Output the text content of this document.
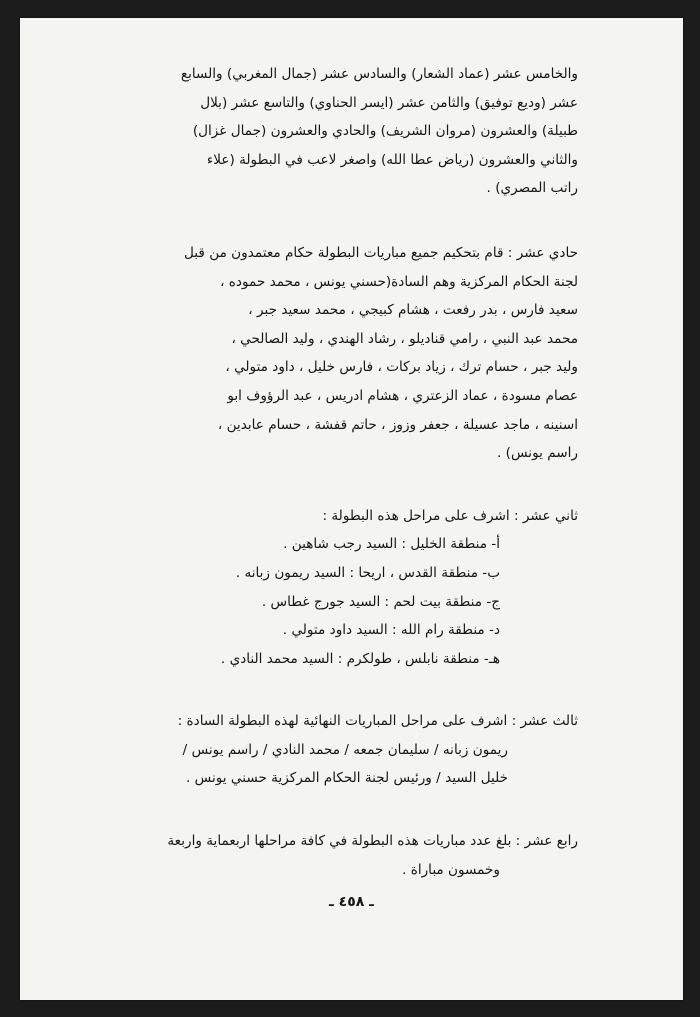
والخامس عشر (عماد الشعار) والسادس عشر (جمال المغربي) والسابع
عشر (وديع توفيق) والثامن عشر (ايسر الحناوي) والتاسع عشر (بلال
طبيلة) والعشرون (مروان الشريف) والحادي والعشرون (جمال غزال)
والثاني والعشرون (رياض عطا الله) واصغر لاعب في البطولة (علاء
راتب المصري) .
حادي عشر : قام بتحكيم جميع مباريات البطولة حكام معتمدون من قبل
لجنة الحكام المركزية وهم السادة(حسني يونس ، محمد حموده ،
سعيد فارس ، بدر رفعت ، هشام كبيجي ، محمد سعيد جبر ،
محمد عبد النبي ، رامي قناديلو ، رشاد الهندي ، وليد الصالحي ،
وليد جبر ، حسام ترك ، زياد بركات ، فارس خليل ، داود متولي ،
عصام مسودة ، عماد الزعتري ، هشام ادريس ، عبد الرؤوف ابو
اسنينه ، ماجد عسيلة ، جعفر وزوز ، حاتم قفشة ، حسام عابدين ،
راسم يونس) .
ثاني عشر : اشرف على مراحل هذه البطولة :
أ- منطقة الخليل : السيد رجب شاهين .
ب- منطقة القدس ، اريحا : السيد ريمون زبانه .
ج- منطقة بيت لحم : السيد جورج غطاس .
د- منطقة رام الله : السيد داود متولي .
هـ- منطقة نابلس ، طولكرم : السيد محمد النادي .
ثالث عشر : اشرف على مراحل المباريات النهائية لهذه البطولة السادة :
ريمون زبانه / سليمان جمعه / محمد النادي / راسم يونس /
خليل السيد / ورئيس لجنة الحكام المركزية حسني يونس .
رابع عشر : بلغ عدد مباريات هذه البطولة في كافة مراحلها اربعماية واربعة
وخمسون مباراة .
ـ ٤٥٨ ـ
